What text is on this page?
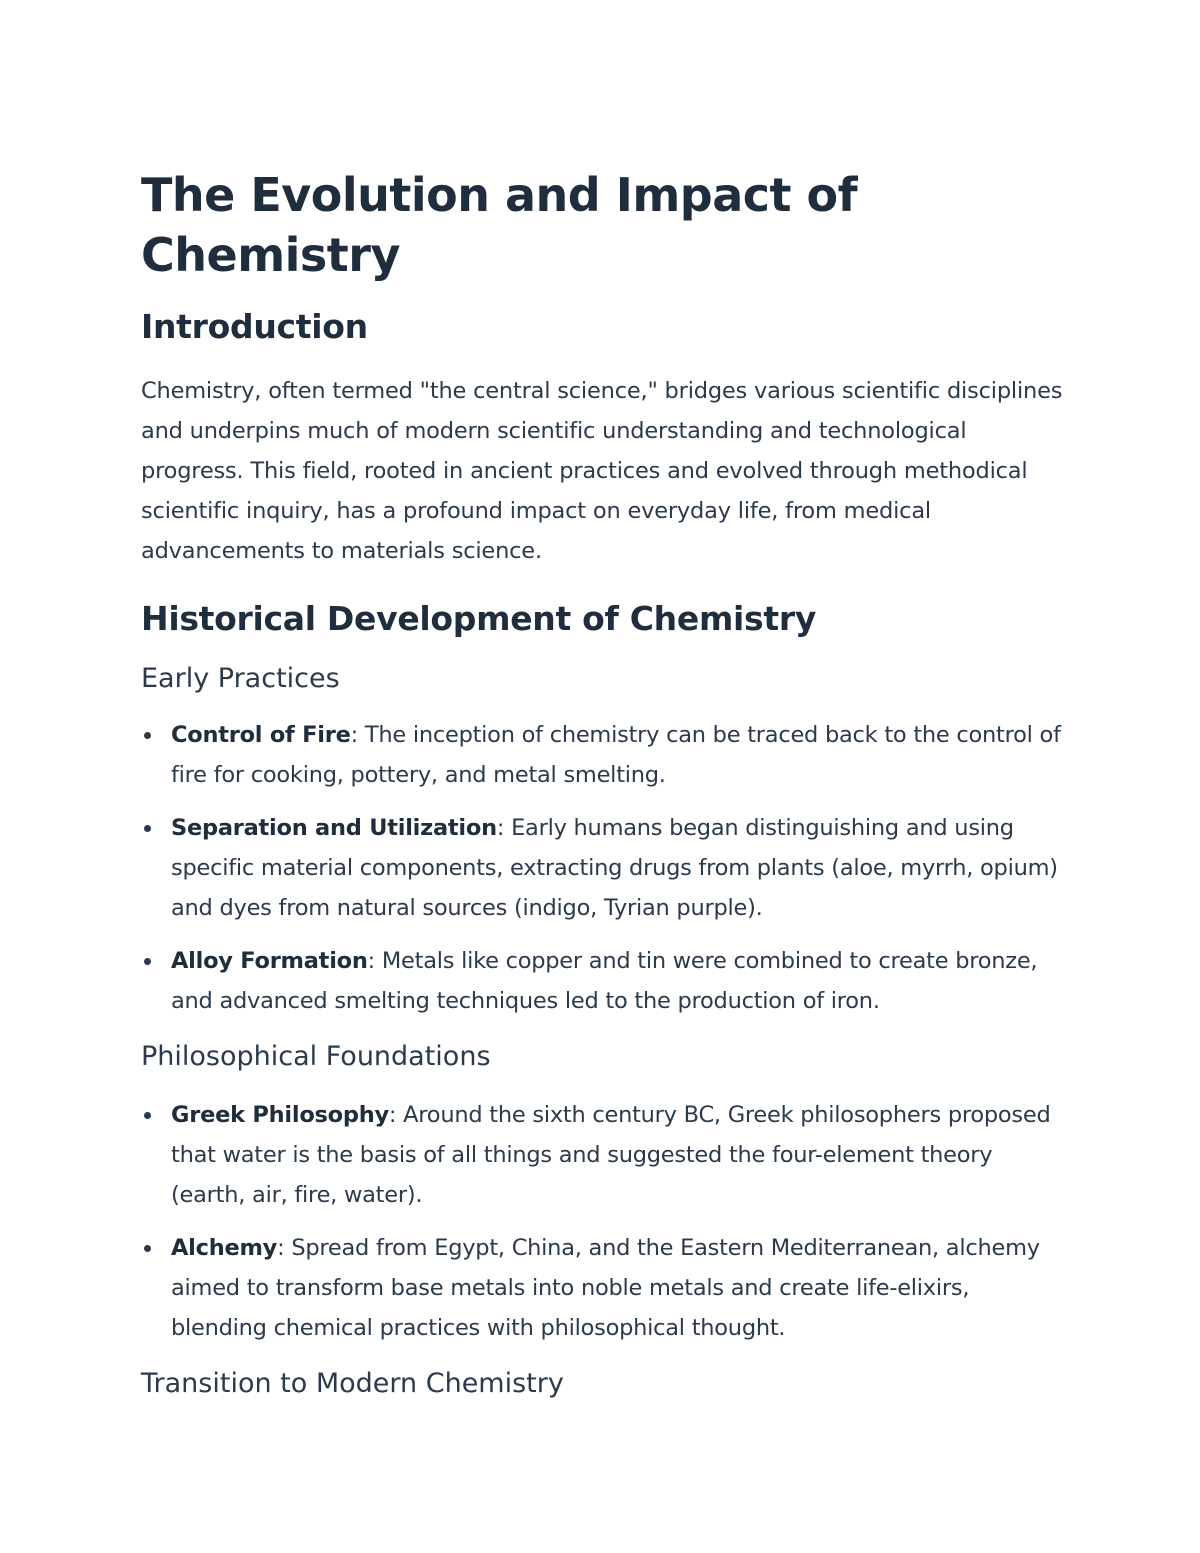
The Evolution and Impact of Chemistry
Introduction

Chemistry, often termed "the central science," bridges various scientific disciplines and underpins much of modern scientific understanding and technological progress. This field, rooted in ancient practices and evolved through methodical scientific inquiry, has a profound impact on everyday life, from medical advancements to materials science.

Historical Development of Chemistry
Early Practices
Control of Fire: The inception of chemistry can be traced back to the control of fire for cooking, pottery, and metal smelting.
Separation and Utilization: Early humans began distinguishing and using specific material components, extracting drugs from plants (aloe, myrrh, opium) and dyes from natural sources (indigo, Tyrian purple).
Alloy Formation: Metals like copper and tin were combined to create bronze, and advanced smelting techniques led to the production of iron.
Philosophical Foundations
Greek Philosophy: Around the sixth century BC, Greek philosophers proposed that water is the basis of all things and suggested the four-element theory (earth, air, fire, water).
Alchemy: Spread from Egypt, China, and the Eastern Mediterranean, alchemy aimed to transform base metals into noble metals and create life-elixirs, blending chemical practices with philosophical thought.
Transition to Modern Chemistry
